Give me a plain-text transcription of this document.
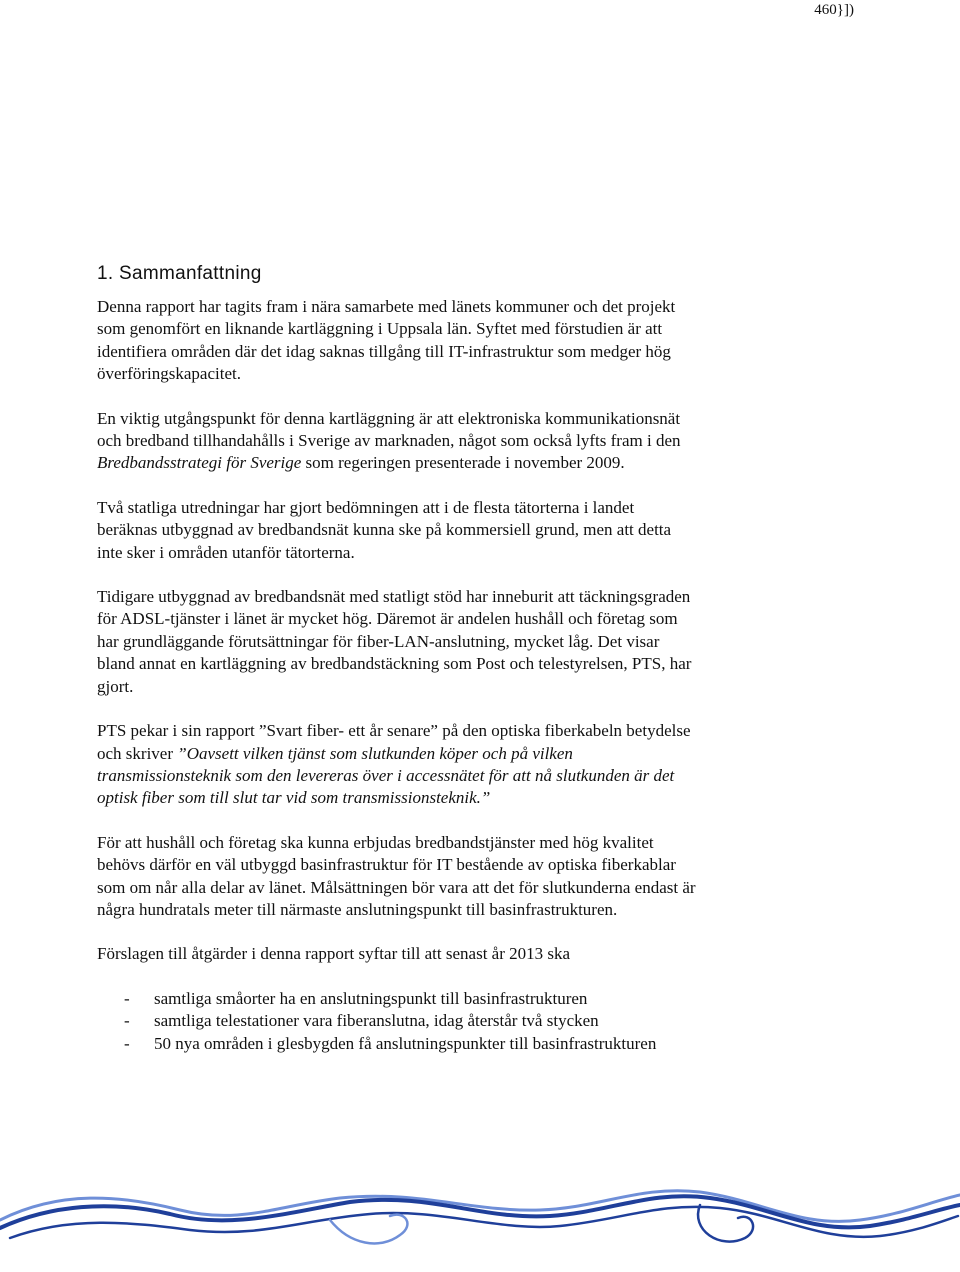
460}])
1. Sammanfattning

Denna rapport har tagits fram i nära samarbete med länets kommuner och det projekt som genomfört en liknande kartläggning i Uppsala län. Syftet med förstudien är att identifiera områden där det idag saknas tillgång till IT-infrastruktur som medger hög överföringskapacitet.

En viktig utgångspunkt för denna kartläggning är att elektroniska kommunikationsnät och bredband tillhandahålls i Sverige av marknaden, något som också lyfts fram i den Bredbandsstrategi för Sverige som regeringen presenterade i november 2009.

Två statliga utredningar har gjort bedömningen att i de flesta tätorterna i landet beräknas utbyggnad av bredbandsnät kunna ske på kommersiell grund, men att detta inte sker i områden utanför tätorterna.

Tidigare utbyggnad av bredbandsnät med statligt stöd har inneburit att täckningsgraden för ADSL-tjänster i länet är mycket hög. Däremot är andelen hushåll och företag som har grundläggande förutsättningar för fiber-LAN-anslutning, mycket låg. Det visar bland annat en kartläggning av bredbandstäckning som Post och telestyrelsen, PTS, har gjort.

PTS pekar i sin rapport ”Svart fiber- ett år senare” på den optiska fiberkabeln betydelse och skriver ”Oavsett vilken tjänst som slutkunden köper och på vilken transmissionsteknik som den levereras över i accessnätet för att nå slutkunden är det optisk fiber som till slut tar vid som transmissionsteknik.”

För att hushåll och företag ska kunna erbjudas bredbandstjänster med hög kvalitet behövs därför en väl utbyggd basinfrastruktur för IT bestående av optiska fiberkablar som om når alla delar av länet. Målsättningen bör vara att det för slutkunderna endast är några hundratals meter till närmaste anslutningspunkt till basinfrastrukturen.

Förslagen till åtgärder i denna rapport syftar till att senast år 2013 ska

-	samtliga småorter ha en anslutningspunkt till basinfrastrukturen
-	samtliga telestationer vara fiberanslutna, idag återstår två stycken
-	50 nya områden i glesbygden få anslutningspunkter till basinfrastrukturen
